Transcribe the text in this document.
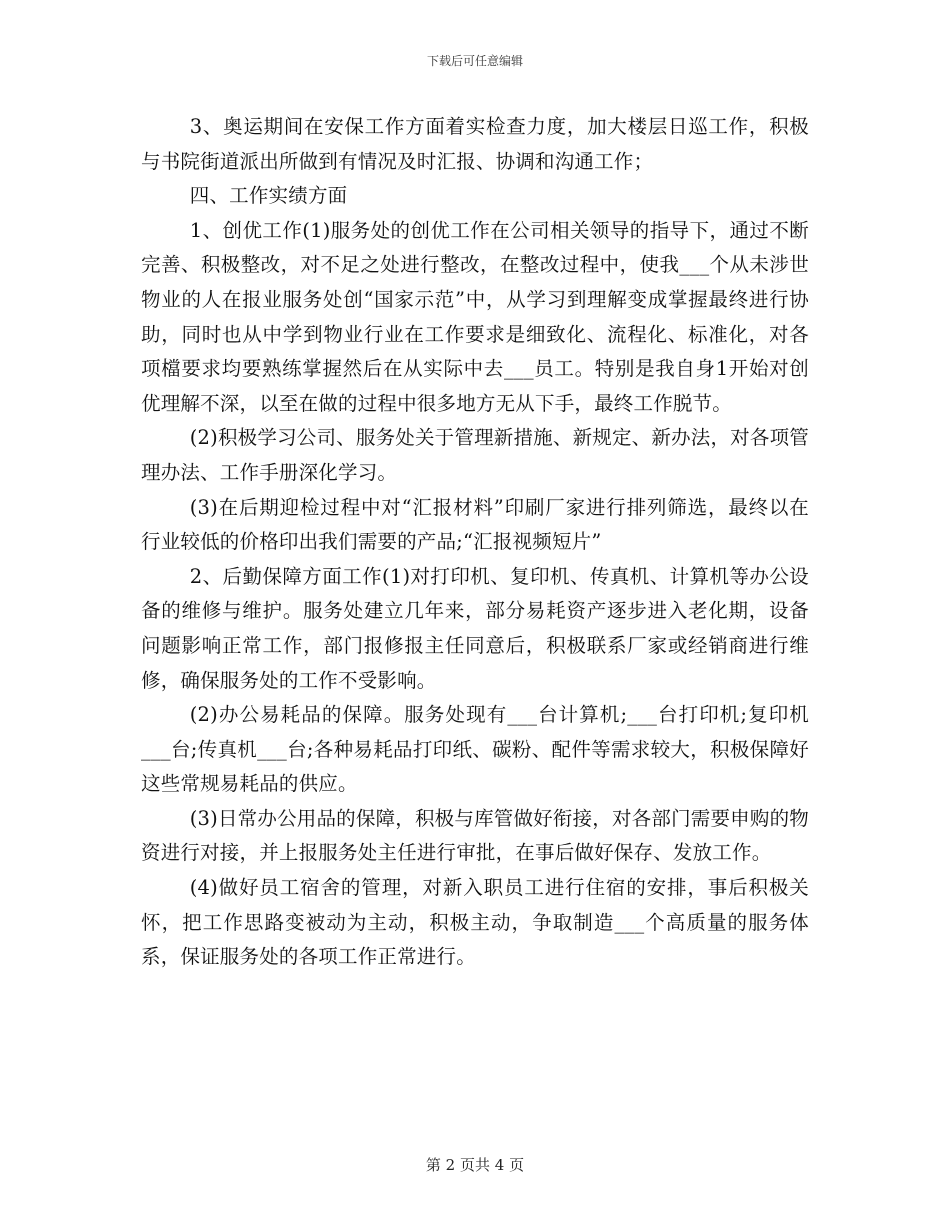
下载后可任意编辑

3、奥运期间在安保工作方面着实检查力度，加大楼层日巡工作，积极与书院街道派出所做到有情况及时汇报、协调和沟通工作；

四、工作实绩方面

1、创优工作(1)服务处的创优工作在公司相关领导的指导下，通过不断完善、积极整改，对不足之处进行整改，在整改过程中，使我___个从未涉世物业的人在报业服务处创“国家示范”中，从学习到理解变成掌握最终进行协助，同时也从中学到物业行业在工作要求是细致化、流程化、标准化，对各项檔要求均要熟练掌握然后在从实际中去___员工。特别是我自身1开始对创优理解不深，以至在做的过程中很多地方无从下手，最终工作脱节。

(2)积极学习公司、服务处关于管理新措施、新规定、新办法，对各项管理办法、工作手册深化学习。

(3)在后期迎检过程中对“汇报材料”印刷厂家进行排列筛选，最终以在行业较低的价格印出我们需要的产品;“汇报视频短片”

2、后勤保障方面工作(1)对打印机、复印机、传真机、计算机等办公设备的维修与维护。服务处建立几年来，部分易耗资产逐步进入老化期，设备问题影响正常工作，部门报修报主任同意后，积极联系厂家或经销商进行维修，确保服务处的工作不受影响。

(2)办公易耗品的保障。服务处现有___台计算机;___台打印机;复印机___台;传真机___台;各种易耗品打印纸、碳粉、配件等需求较大，积极保障好这些常规易耗品的供应。

(3)日常办公用品的保障，积极与库管做好衔接，对各部门需要申购的物资进行对接，并上报服务处主任进行审批，在事后做好保存、发放工作。

(4)做好员工宿舍的管理，对新入职员工进行住宿的安排，事后积极关怀，把工作思路变被动为主动，积极主动，争取制造___个高质量的服务体系，保证服务处的各项工作正常进行。

第 2 页共 4 页
